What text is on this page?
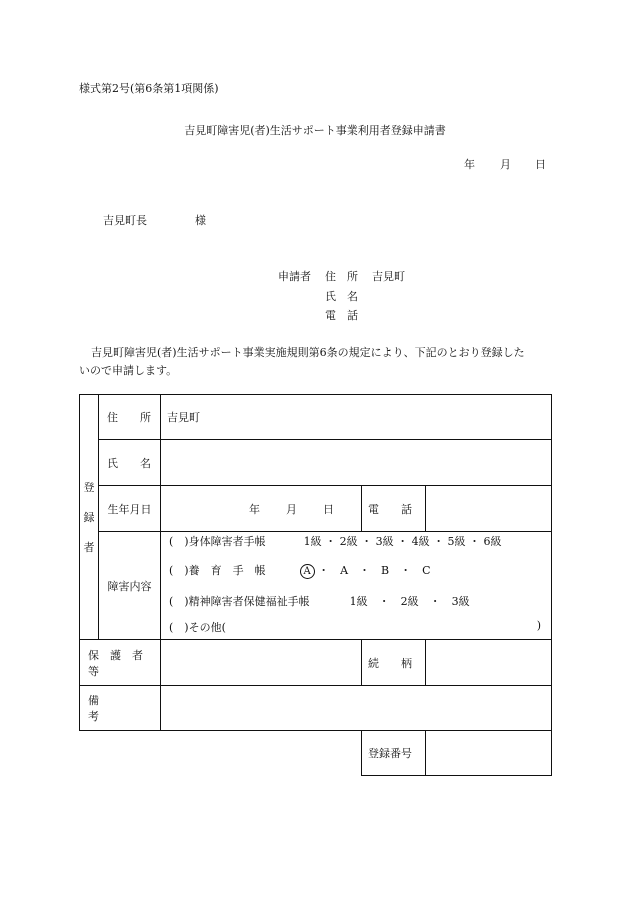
様式第2号(第6条第1項関係)
吉見町障害児(者)生活サポート事業利用者登録申請書
年 月 日
吉見町長	様
申請者 住　所 吉見町
氏　名
電　話
吉見町障害児(者)生活サポート事業実施規則第6条の規定により、下記のとおり登録した
いので申請します。
登
録
者	住　　所	吉見町		

	氏　　名			

	生年月日	年 月 日	電　　話	

	障害内容	(　)身体障害者手帳 1級 ・ 2級 ・ 3級 ・ 4級 ・ 5級 ・ 6級
(　)養　育　手　帳 A ・　A　・　B　・　C
(　)精神障害者保健福祉手帳 1級　・　2級　・　3級
(　)その他( )		

保　護　者　等			続　　柄	

備　　　　考				

			登録番号	
